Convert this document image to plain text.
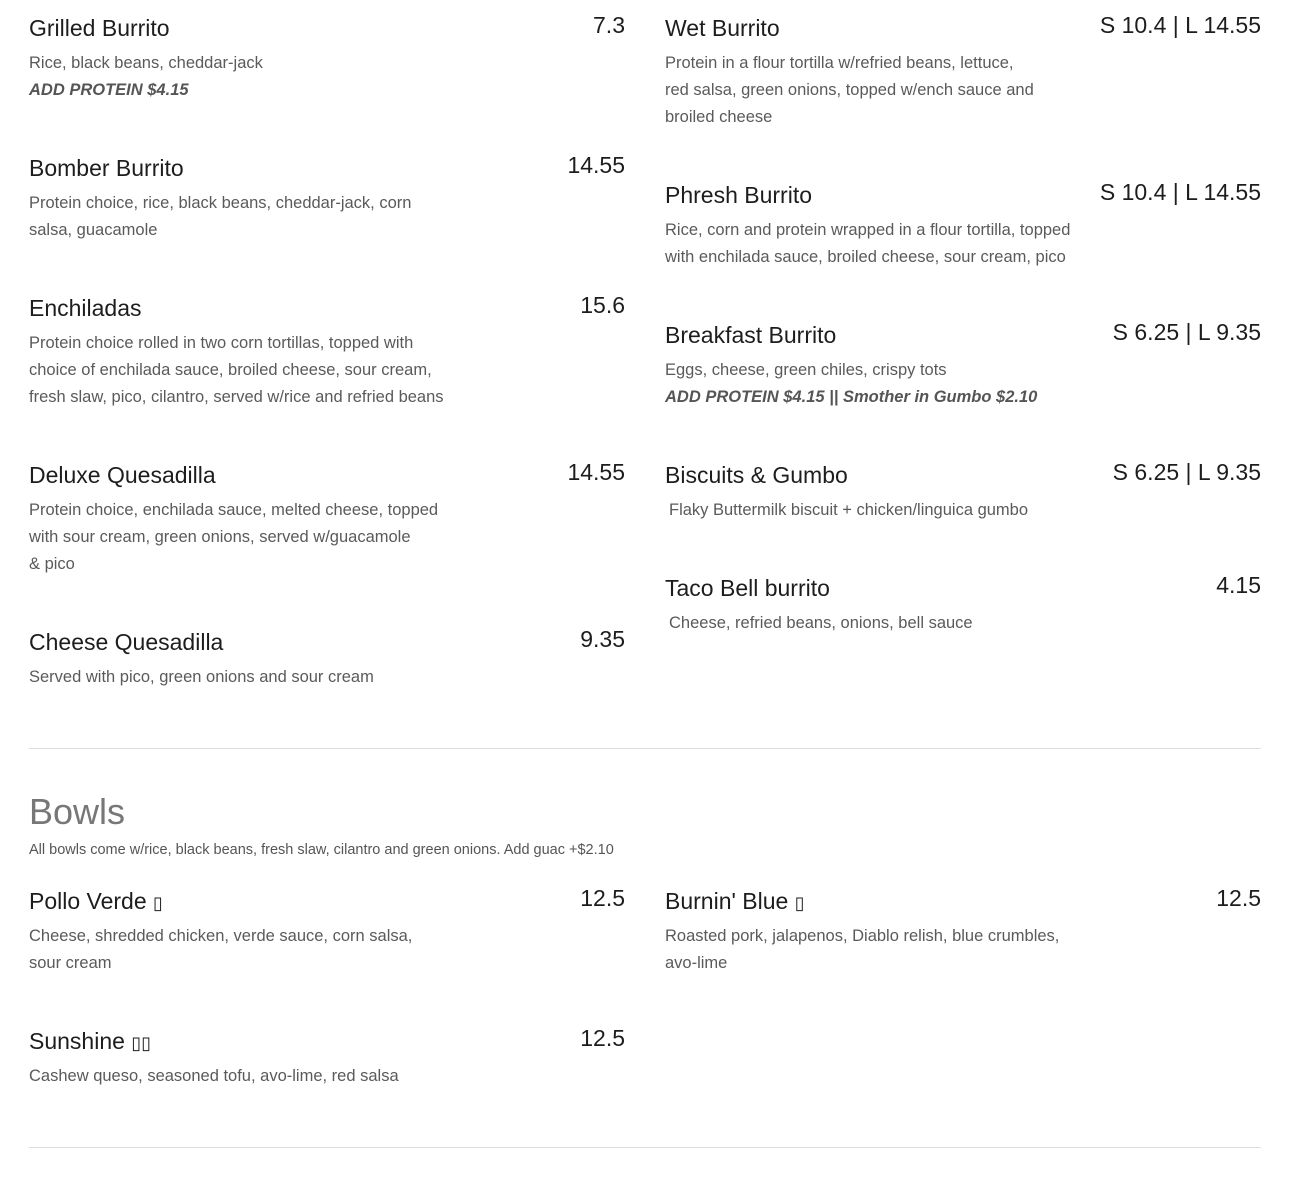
Grilled Burrito	7.3
Rice, black beans, cheddar-jack
ADD PROTEIN $4.15
Wet Burrito	S 10.4 | L 14.55
Protein in a flour tortilla w/refried beans, lettuce,
red salsa, green onions, topped w/ench sauce and
broiled cheese
Bomber Burrito	14.55
Protein choice, rice, black beans, cheddar-jack, corn
salsa, guacamole
Phresh Burrito	S 10.4 | L 14.55
Rice, corn and protein wrapped in a flour tortilla, topped
with enchilada sauce, broiled cheese, sour cream, pico
Enchiladas	15.6
Protein choice rolled in two corn tortillas, topped with
choice of enchilada sauce, broiled cheese, sour cream,
fresh slaw, pico, cilantro, served w/rice and refried beans
Breakfast Burrito	S 6.25 | L 9.35
Eggs, cheese, green chiles, crispy tots
ADD PROTEIN $4.15 || Smother in Gumbo $2.10
Deluxe Quesadilla	14.55
Protein choice, enchilada sauce, melted cheese, topped
with sour cream, green onions, served w/guacamole
& pico
Biscuits & Gumbo	S 6.25 | L 9.35
Flaky Buttermilk biscuit + chicken/linguica gumbo
Cheese Quesadilla	9.35
Served with pico, green onions and sour cream
Taco Bell burrito	4.15
Cheese, refried beans, onions, bell sauce
Bowls
All bowls come w/rice, black beans, fresh slaw, cilantro and green onions. Add guac +$2.10
Pollo Verde ▯	12.5
Cheese, shredded chicken, verde sauce, corn salsa,
sour cream
Burnin' Blue ▯	12.5
Roasted pork, jalapenos, Diablo relish, blue crumbles,
avo-lime
Sunshine ▯▯	12.5
Cashew queso, seasoned tofu, avo-lime, red salsa
